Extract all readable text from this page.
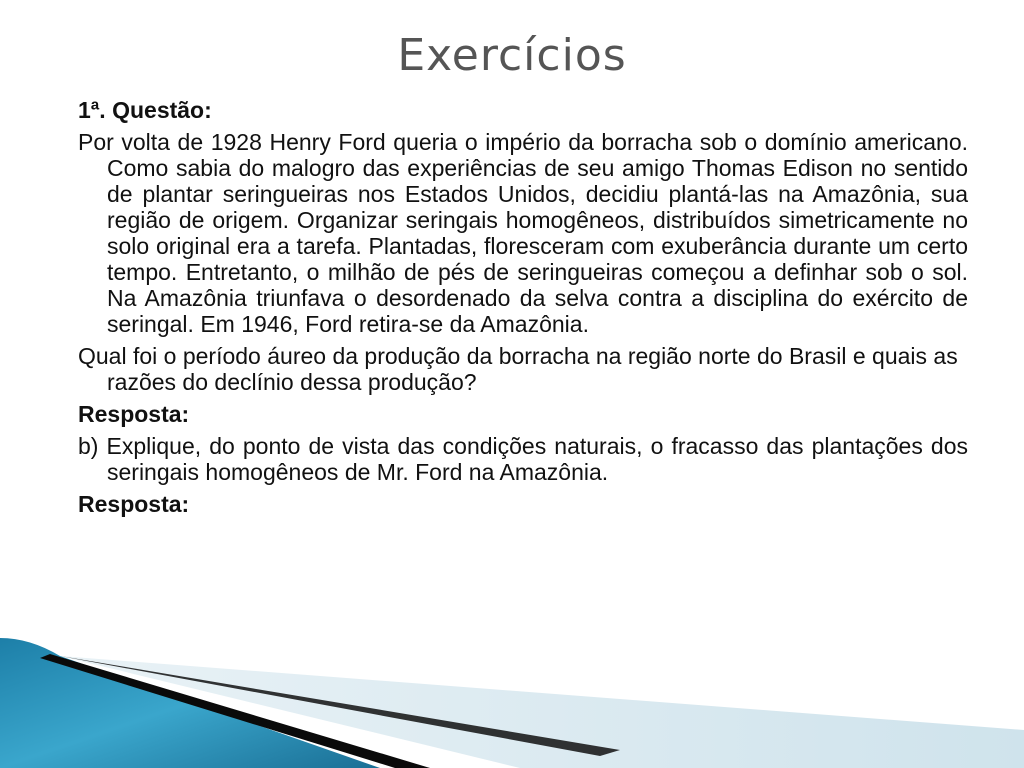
Exercícios

1ª. Questão:

Por volta de 1928 Henry Ford queria o império da borracha sob o domínio americano. Como sabia do malogro das experiências de seu amigo Thomas Edison no sentido de plantar seringueiras nos Estados Unidos, decidiu plantá-las na Amazônia, sua região de origem. Organizar seringais homogêneos, distribuídos simetricamente no solo original era a tarefa. Plantadas, floresceram com exuberância durante um certo tempo. Entretanto, o milhão de pés de seringueiras começou a definhar sob o sol. Na Amazônia triunfava o desordenado da selva contra a disciplina do exército de seringal. Em 1946, Ford retira-se da Amazônia.

Qual foi o período áureo da produção da borracha na região norte do Brasil e quais as razões do declínio dessa produção?

Resposta:

b) Explique, do ponto de vista das condições naturais, o fracasso das plantações dos seringais homogêneos de Mr. Ford na Amazônia.

Resposta:
